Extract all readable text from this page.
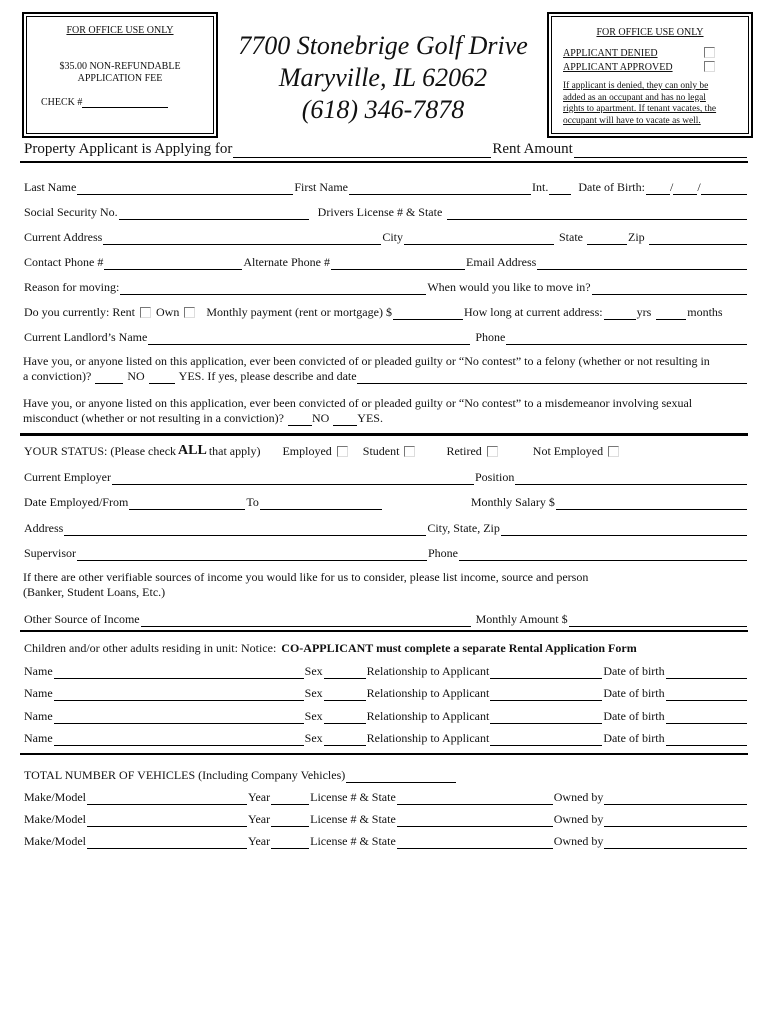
FOR OFFICE USE ONLY
$35.00 NON-REFUNDABLE
APPLICATION FEE
CHECK #
7700 Stonebrige Golf Drive
Maryville, IL 62062
(618) 346-7878
FOR OFFICE USE ONLY
APPLICANT DENIED
APPLICANT APPROVED
If applicant is denied, they can only be
added as an occupant and has no legal
rights to apartment. If tenant vacates, the
occupant will have to vacate as well.
Property Applicant is Applying for	Rent Amount
Last Name	First Name	Int.	Date of Birth: / /
Social Security No.	Drivers License # & State
Current Address	City	State	Zip
Contact Phone #	Alternate Phone #	Email Address
Reason for moving:	When would you like to move in?
Do you currently: Rent Own Monthly payment (rent or mortgage) $	How long at current address:	yrs	months
Current Landlord’s Name	Phone
Have you, or anyone listed on this application, ever been convicted of or pleaded guilty or “No contest” to a felony (whether or not resulting in
a conviction)?	NO	YES. If yes, please describe and date
Have you, or anyone listed on this application, ever been convicted of or pleaded guilty or “No contest” to a misdemeanor involving sexual
misconduct (whether or not resulting in a conviction)? NO YES.
YOUR STATUS: (Please check ALL that apply) Employed	Student	Retired	Not Employed
Current Employer	Position
Date Employed/From	To	Monthly Salary $
Address	City, State, Zip
Supervisor	Phone
If there are other verifiable sources of income you would like for us to consider, please list income, source and person
(Banker, Student Loans, Etc.)
Other Source of Income	Monthly Amount $
Children and/or other adults residing in unit: Notice: CO-APPLICANT must complete a separate Rental Application Form
Name	Sex	Relationship to Applicant	Date of birth
Name	Sex	Relationship to Applicant	Date of birth
Name	Sex	Relationship to Applicant	Date of birth
Name	Sex	Relationship to Applicant	Date of birth
TOTAL NUMBER OF VEHICLES (Including Company Vehicles)
Make/Model	Year	License # & State	Owned by
Make/Model	Year	License # & State	Owned by
Make/Model	Year	License # & State	Owned by
